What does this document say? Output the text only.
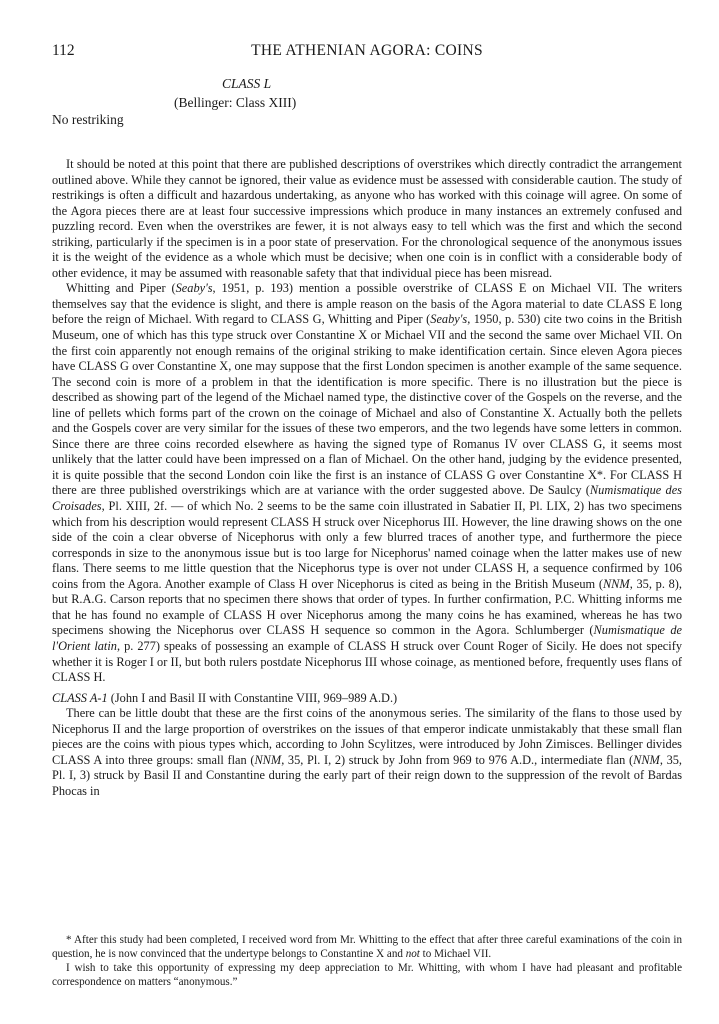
112	THE ATHENIAN AGORA: COINS
CLASS L
(Bellinger: Class XIII)
No restriking

It should be noted at this point that there are published descriptions of overstrikes which directly contradict the arrangement outlined above. While they cannot be ignored, their value as evidence must be assessed with considerable caution. The study of restrikings is often a difficult and hazardous undertaking, as anyone who has worked with this coinage will agree. On some of the Agora pieces there are at least four successive impressions which produce in many instances an extremely confused and puzzling record. Even when the overstrikes are fewer, it is not always easy to tell which was the first and which the second striking, particularly if the specimen is in a poor state of preservation. For the chronological sequence of the anonymous issues it is the weight of the evidence as a whole which must be decisive; when one coin is in conflict with a considerable body of other evidence, it may be assumed with reasonable safety that that individual piece has been misread.

Whitting and Piper (Seaby's, 1951, p. 193) mention a possible overstrike of CLASS E on Michael VII. The writers themselves say that the evidence is slight, and there is ample reason on the basis of the Agora material to date CLASS E long before the reign of Michael. With regard to CLASS G, Whitting and Piper (Seaby's, 1950, p. 530) cite two coins in the British Museum, one of which has this type struck over Constantine X or Michael VII and the second the same over Michael VII. On the first coin apparently not enough remains of the original striking to make identification certain. Since eleven Agora pieces have CLASS G over Constantine X, one may suppose that the first London specimen is another example of the same sequence. The second coin is more of a problem in that the identification is more specific. There is no illustration but the piece is described as showing part of the legend of the Michael named type, the distinctive cover of the Gospels on the reverse, and the line of pellets which forms part of the crown on the coinage of Michael and also of Constantine X. Actually both the pellets and the Gospels cover are very similar for the issues of these two emperors, and the two legends have some letters in common. Since there are three coins recorded elsewhere as having the signed type of Romanus IV over CLASS G, it seems most unlikely that the latter could have been impressed on a flan of Michael. On the other hand, judging by the evidence presented, it is quite possible that the second London coin like the first is an instance of CLASS G over Constantine X*. For CLASS H there are three published overstrikings which are at variance with the order suggested above. De Saulcy (Numismatique des Croisades, Pl. XIII, 2f. — of which No. 2 seems to be the same coin illustrated in Sabatier II, Pl. LIX, 2) has two specimens which from his description would represent CLASS H struck over Nicephorus III. However, the line drawing shows on the one side of the coin a clear obverse of Nicephorus with only a few blurred traces of another type, and furthermore the piece corresponds in size to the anonymous issue but is too large for Nicephorus' named coinage when the latter makes use of new flans. There seems to me little question that the Nicephorus type is over not under CLASS H, a sequence confirmed by 106 coins from the Agora. Another example of Class H over Nicephorus is cited as being in the British Museum (NNM, 35, p. 8), but R.A.G. Carson reports that no specimen there shows that order of types. In further confirmation, P.C. Whitting informs me that he has found no example of CLASS H over Nicephorus among the many coins he has examined, whereas he has two specimens showing the Nicephorus over CLASS H sequence so common in the Agora. Schlumberger (Numismatique de l'Orient latin, p. 277) speaks of possessing an example of CLASS H struck over Count Roger of Sicily. He does not specify whether it is Roger I or II, but both rulers postdate Nicephorus III whose coinage, as mentioned before, frequently uses flans of CLASS H.

CLASS A-1 (John I and Basil II with Constantine VIII, 969–989 A.D.)

There can be little doubt that these are the first coins of the anonymous series. The similarity of the flans to those used by Nicephorus II and the large proportion of overstrikes on the issues of that emperor indicate unmistakably that these small flan pieces are the coins with pious types which, according to John Scylitzes, were introduced by John Zimisces. Bellinger divides CLASS A into three groups: small flan (NNM, 35, Pl. I, 2) struck by John from 969 to 976 A.D., intermediate flan (NNM, 35, Pl. I, 3) struck by Basil II and Constantine during the early part of their reign down to the suppression of the revolt of Bardas Phocas in

* After this study had been completed, I received word from Mr. Whitting to the effect that after three careful examinations of the coin in question, he is now convinced that the undertype belongs to Constantine X and not to Michael VII.

I wish to take this opportunity of expressing my deep appreciation to Mr. Whitting, with whom I have had pleasant and profitable correspondence on matters “anonymous.”
